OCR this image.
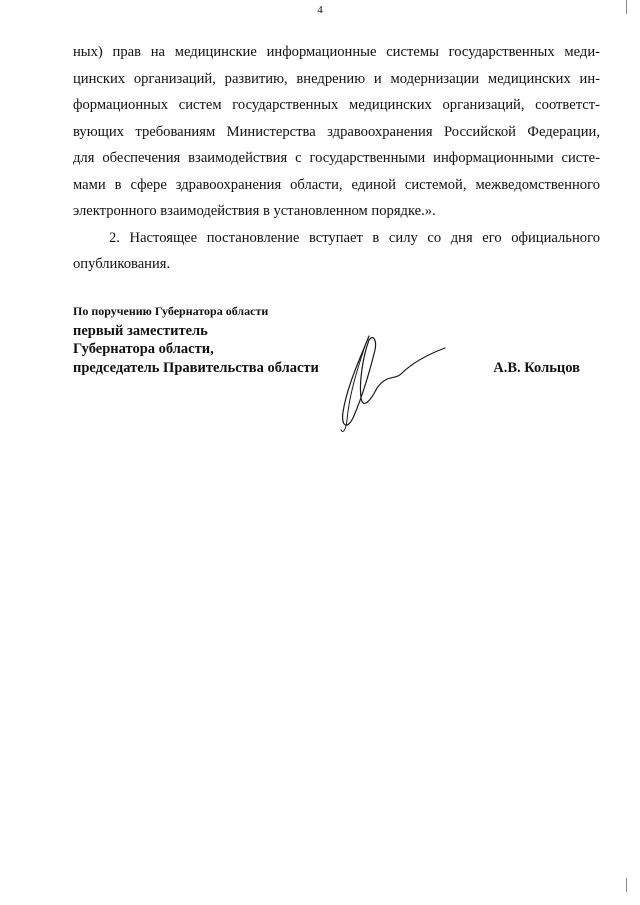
4
ных) прав на медицинские информационные системы государственных меди-
цинских организаций, развитию, внедрению и модернизации медицинских ин-
формационных систем государственных медицинских организаций, соответст-
вующих требованиям Министерства здравоохранения Российской Федерации,
для обеспечения взаимодействия с государственными информационными систе-
мами в сфере здравоохранения области, единой системой, межведомственного
электронного взаимодействия в установленном порядке.».
2. Настоящее постановление вступает в силу со дня его официального
опубликования.
По поручению Губернатора области
первый заместитель
Губернатора области,
председатель Правительства области	А.В. Кольцов
